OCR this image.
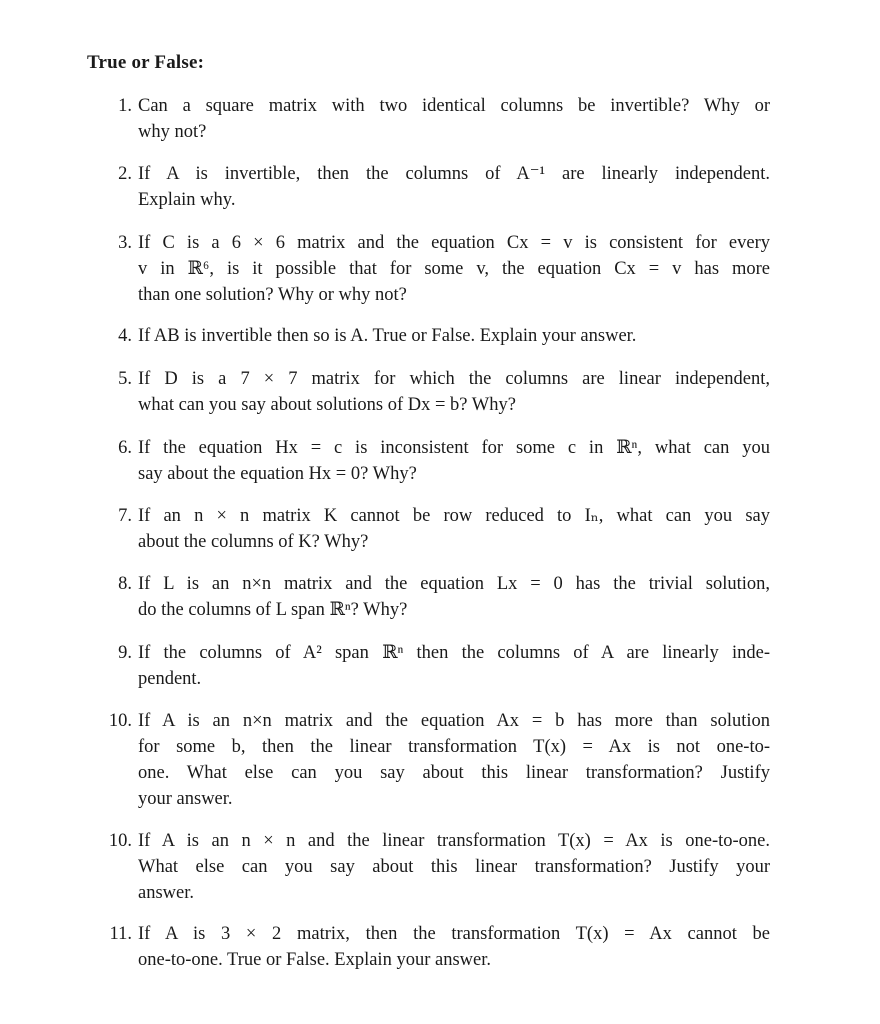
True or False:
1. Can a square matrix with two identical columns be invertible? Why or
why not?
2. If A is invertible, then the columns of A⁻¹ are linearly independent.
Explain why.
3. If C is a 6 × 6 matrix and the equation Cx = v is consistent for every
v in ℝ⁶, is it possible that for some v, the equation Cx = v has more
than one solution? Why or why not?
4. If AB is invertible then so is A. True or False. Explain your answer.
5. If D is a 7 × 7 matrix for which the columns are linear independent,
what can you say about solutions of Dx = b? Why?
6. If the equation Hx = c is inconsistent for some c in ℝⁿ, what can you
say about the equation Hx = 0? Why?
7. If an n × n matrix K cannot be row reduced to Iₙ, what can you say
about the columns of K? Why?
8. If L is an n×n matrix and the equation Lx = 0 has the trivial solution,
do the columns of L span ℝⁿ? Why?
9. If the columns of A² span ℝⁿ then the columns of A are linearly inde-
pendent.
10. If A is an n×n matrix and the equation Ax = b has more than solution
for some b, then the linear transformation T(x) = Ax is not one-to-
one. What else can you say about this linear transformation? Justify
your answer.
10. If A is an n × n and the linear transformation T(x) = Ax is one-to-one.
What else can you say about this linear transformation? Justify your
answer.
11. If A is 3 × 2 matrix, then the transformation T(x) = Ax cannot be
one-to-one. True or False. Explain your answer.
